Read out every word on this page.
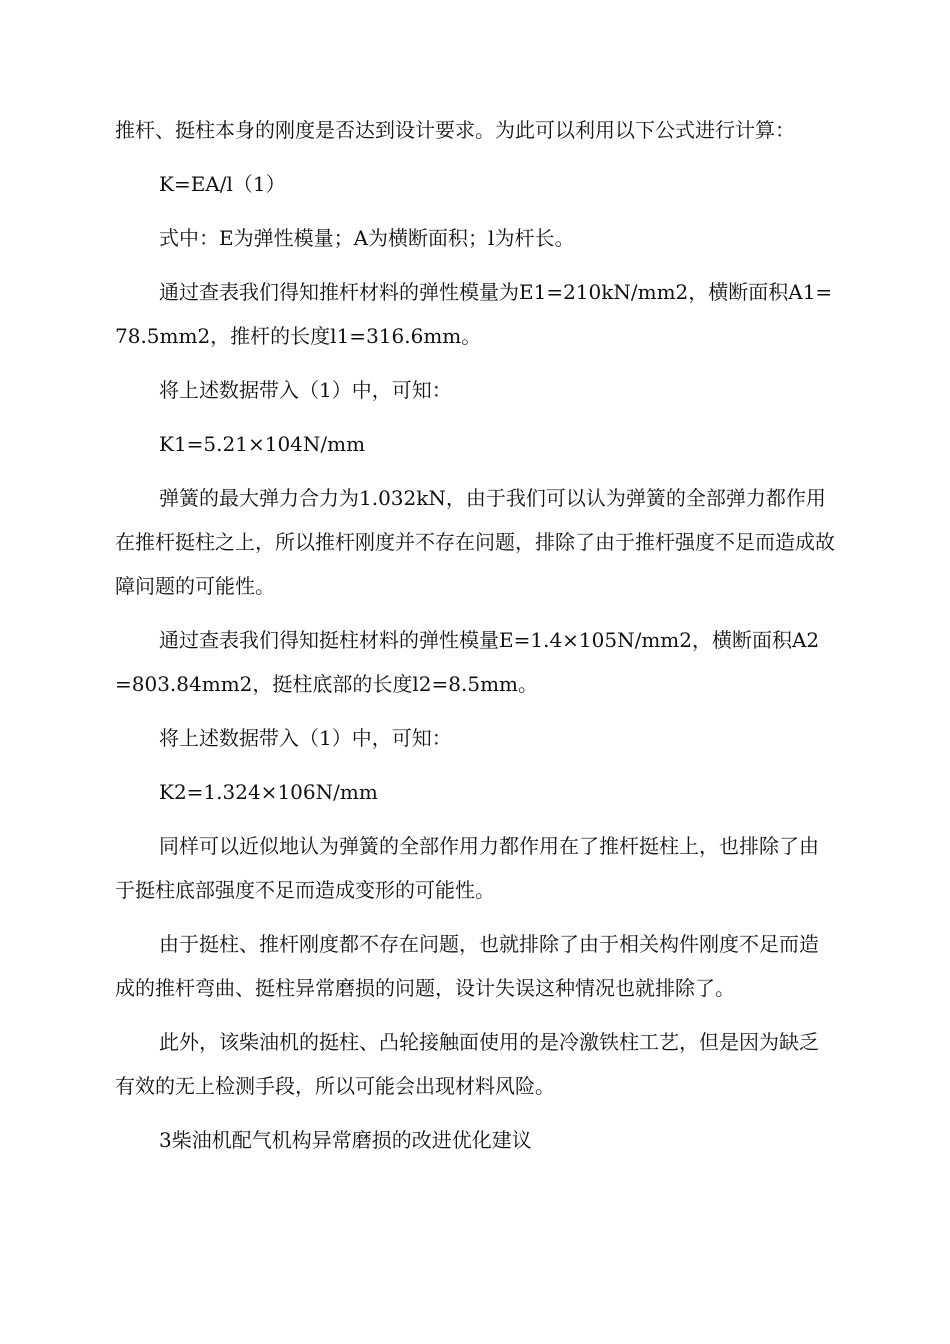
推杆、挺柱本身的刚度是否达到设计要求。为此可以利用以下公式进行计算：

K=EA/l（1）

式中：E为弹性模量；A为横断面积；l为杆长。

通过查表我们得知推杆材料的弹性模量为E1=210kN/mm2，横断面积A1=78.5mm2，推杆的长度l1=316.6mm。

将上述数据带入（1）中，可知：

K1=5.21×104N/mm

弹簧的最大弹力合力为1.032kN，由于我们可以认为弹簧的全部弹力都作用在推杆挺柱之上，所以推杆刚度并不存在问题，排除了由于推杆强度不足而造成故障问题的可能性。

通过查表我们得知挺柱材料的弹性模量E=1.4×105N/mm2，横断面积A2=803.84mm2，挺柱底部的长度l2=8.5mm。

将上述数据带入（1）中，可知：

K2=1.324×106N/mm

同样可以近似地认为弹簧的全部作用力都作用在了推杆挺柱上，也排除了由于挺柱底部强度不足而造成变形的可能性。

由于挺柱、推杆刚度都不存在问题，也就排除了由于相关构件刚度不足而造成的推杆弯曲、挺柱异常磨损的问题，设计失误这种情况也就排除了。

此外，该柴油机的挺柱、凸轮接触面使用的是冷激铁柱工艺，但是因为缺乏有效的无上检测手段，所以可能会出现材料风险。

3柴油机配气机构异常磨损的改进优化建议
